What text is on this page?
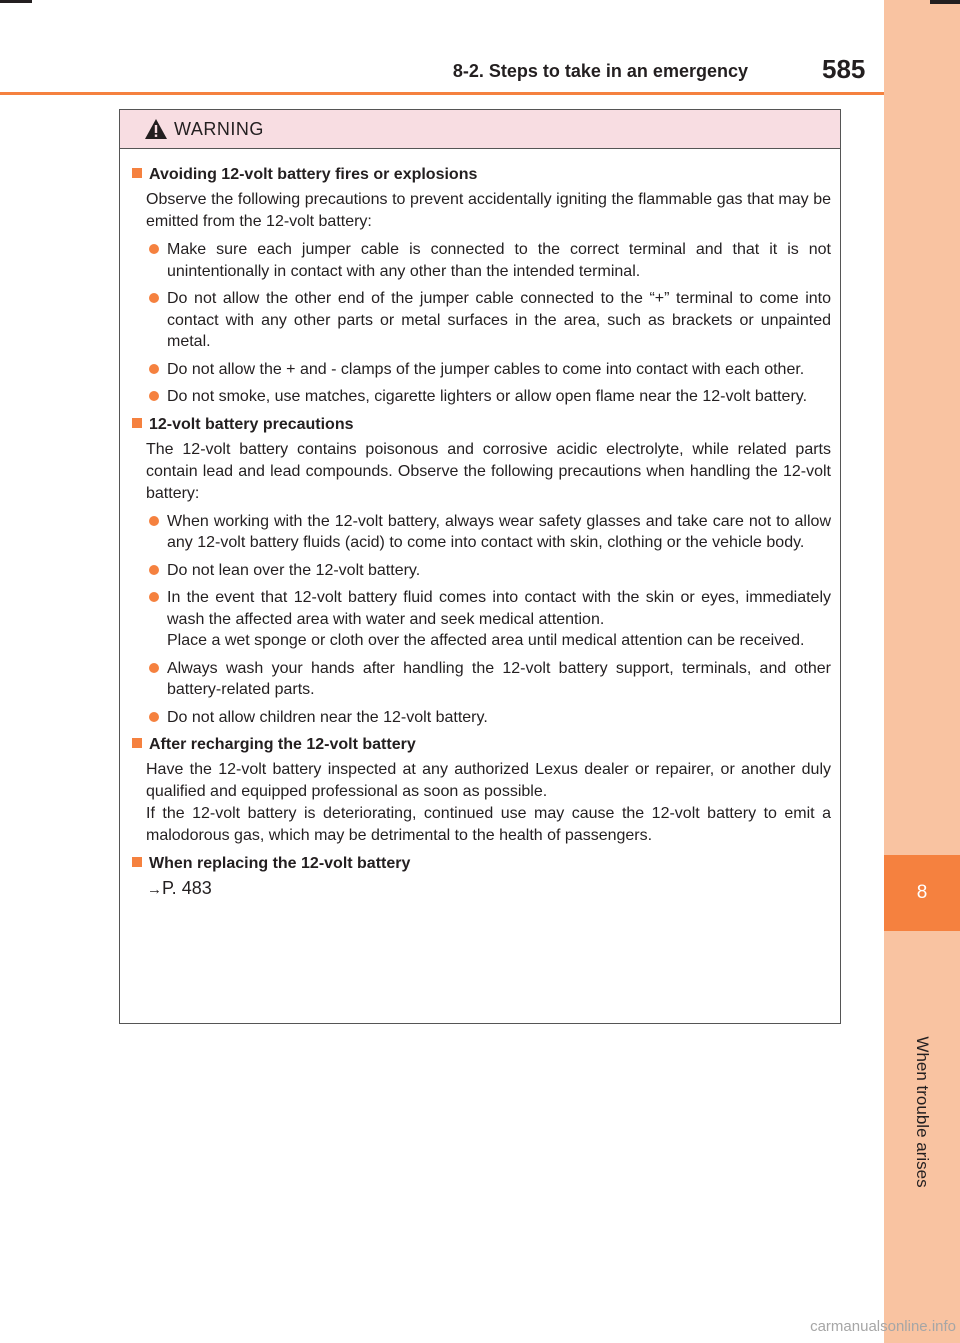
8-2. Steps to take in an emergency	585
8
When trouble arises
WARNING
Avoiding 12-volt battery fires or explosions
Observe the following precautions to prevent accidentally igniting the flammable gas that may be emitted from the 12-volt battery:
Make sure each jumper cable is connected to the correct terminal and that it is not unintentionally in contact with any other than the intended terminal.
Do not allow the other end of the jumper cable connected to the “+” terminal to come into contact with any other parts or metal surfaces in the area, such as brackets or unpainted metal.
Do not allow the + and - clamps of the jumper cables to come into contact with each other.
Do not smoke, use matches, cigarette lighters or allow open flame near the 12-volt battery.
12-volt battery precautions
The 12-volt battery contains poisonous and corrosive acidic electrolyte, while related parts contain lead and lead compounds. Observe the following precautions when handling the 12-volt battery:
When working with the 12-volt battery, always wear safety glasses and take care not to allow any 12-volt battery fluids (acid) to come into contact with skin, clothing or the vehicle body.
Do not lean over the 12-volt battery.
In the event that 12-volt battery fluid comes into contact with the skin or eyes, immediately wash the affected area with water and seek medical attention.
Place a wet sponge or cloth over the affected area until medical attention can be received.
Always wash your hands after handling the 12-volt battery support, terminals, and other battery-related parts.
Do not allow children near the 12-volt battery.
After recharging the 12-volt battery
Have the 12-volt battery inspected at any authorized Lexus dealer or repairer, or another duly qualified and equipped professional as soon as possible.
If the 12-volt battery is deteriorating, continued use may cause the 12-volt battery to emit a malodorous gas, which may be detrimental to the health of passengers.
When replacing the 12-volt battery
→P. 483
carmanualsonline.info
